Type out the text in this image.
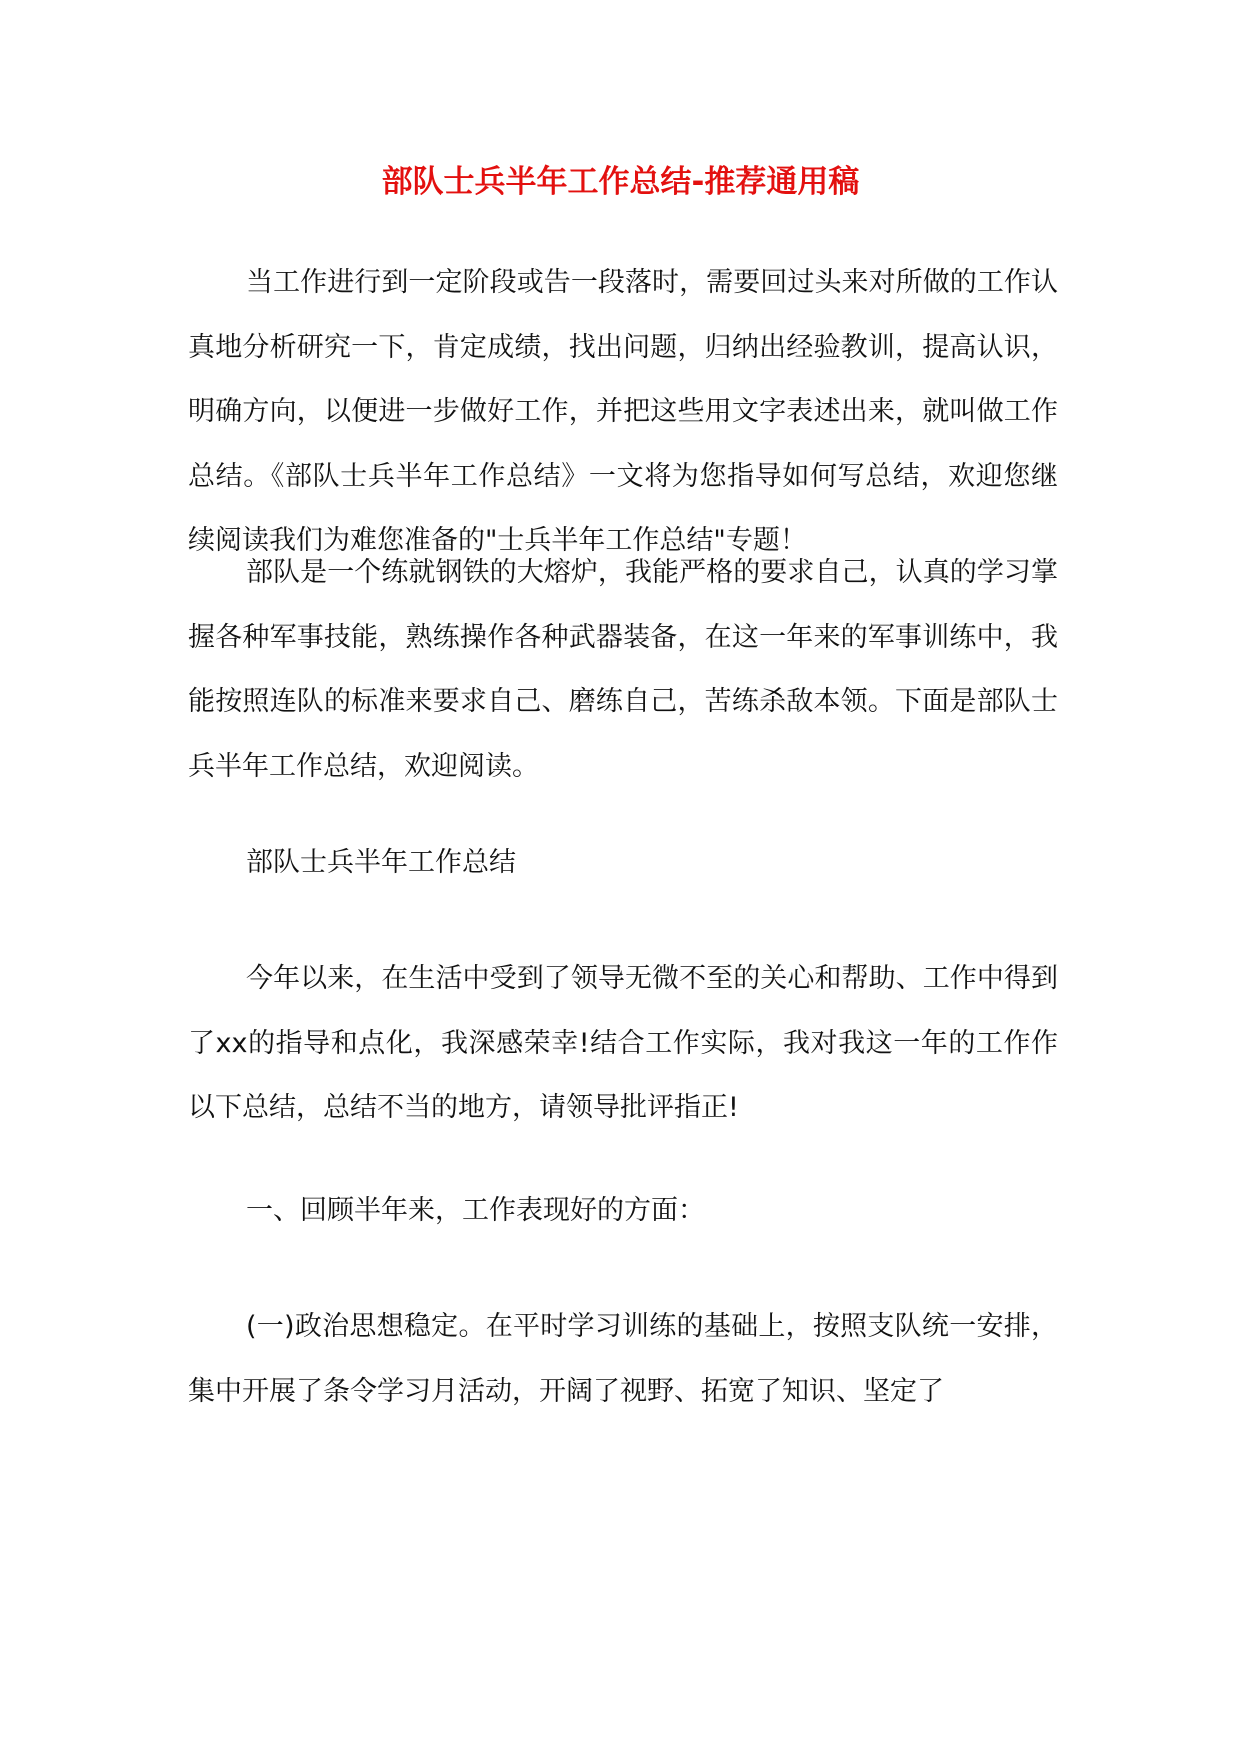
部队士兵半年工作总结-推荐通用稿

当工作进行到一定阶段或告一段落时，需要回过头来对所做的工作认真地分析研究一下，肯定成绩，找出问题，归纳出经验教训，提高认识，明确方向，以便进一步做好工作，并把这些用文字表述出来，就叫做工作总结。《部队士兵半年工作总结》一文将为您指导如何写总结，欢迎您继续阅读我们为难您准备的"士兵半年工作总结"专题！

部队是一个练就钢铁的大熔炉，我能严格的要求自己，认真的学习掌握各种军事技能，熟练操作各种武器装备，在这一年来的军事训练中，我能按照连队的标准来要求自己、磨练自己，苦练杀敌本领。下面是部队士兵半年工作总结，欢迎阅读。

部队士兵半年工作总结

今年以来，在生活中受到了领导无微不至的关心和帮助、工作中得到了xx的指导和点化，我深感荣幸!结合工作实际，我对我这一年的工作作以下总结，总结不当的地方，请领导批评指正!

一、回顾半年来，工作表现好的方面：

(一)政治思想稳定。在平时学习训练的基础上，按照支队统一安排，集中开展了条令学习月活动，开阔了视野、拓宽了知识、坚定了
